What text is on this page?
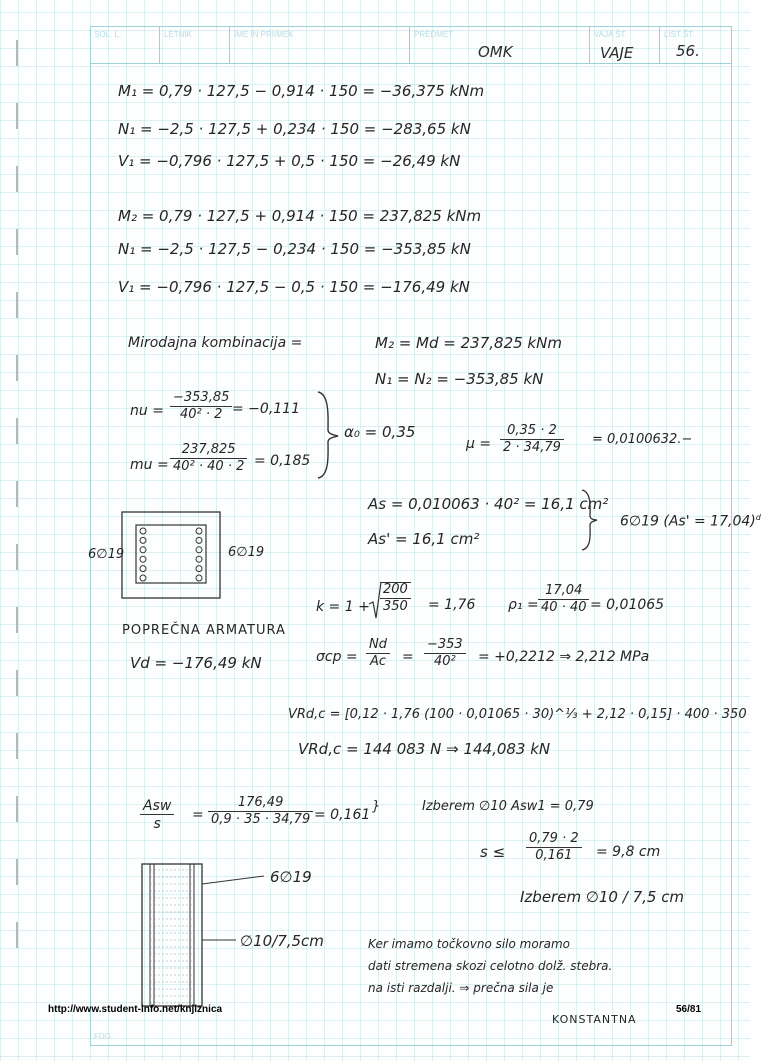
SOL. L.	LETNIK	IME IN PRIIMEK	PREDMET
OMK
VAJA ŠT.
VAJE
LIST ŠT.
56.
M₁ = 0,79 · 127,5 − 0,914 · 150 = −36,375 kNm
N₁ = −2,5 · 127,5 + 0,234 · 150 = −283,65 kN
V₁ = −0,796 · 127,5 + 0,5 · 150 = −26,49 kN
M₂ = 0,79 · 127,5 + 0,914 · 150 = 237,825 kNm
N₁ = −2,5 · 127,5 − 0,234 · 150 = −353,85 kN
V₁ = −0,796 · 127,5 − 0,5 · 150 = −176,49 kN
Mirodajna kombinacija =	M₂ = Md = 237,825 kNm
N₁ = N₂ = −353,85 kN
nu = $\frac{-353,85}{\text{40² · 2}} = -0,111$
mu = $\frac{237,825}{\text{40² · 40 · 2}} = 0,185$
α₀ = 0,35
$\mu = \frac{0,35 \cdot 2}{2 \cdot 34,79} = 0,0100632.-$
As = 0,010063 · 40² = 16,1 cm²
As' = 16,1 cm²
6∅19 (As' = 17,04)$^d$
6∅19	6∅19
$k = 1 + \frac{200}{350} = 1,76$ $\rho_1 = \frac{17,04}{40 \cdot 40} = 0,01065$
POPREČNA ARMATURA
Vd = −176,49 kN	$\sigma cp = \frac{Nd}{Ac} = \frac{-353}{\text{40²}} = +0,2212$ ⇒ 2,212 MPa
VRd,c = [0,12 · 1,76 (100 · 0,01065 · 30)^⅓ + 2,12 · 0,15] · 400 · 350
VRd,c = 144 083 N ⇒ 144,083 kN
Asw
s
= $\frac{176,49}{0,9 \cdot 35 \cdot 34,79} = 0,161$
}	Izberem ∅10 Asw1 = 0,79
$s \le \frac{0,79 \cdot 2}{0,161} = 9,8$ cm
Izberem ∅10 / 7,5 cm
6∅19
∅10/7,5cm	Ker imamo točkovno silo moramo
dati stremena skozi celotno dolž. stebra.
na isti razdalji. ⇒ prečna sila je
KONSTANTNA
http://www.student-info.net/knjiznica	56/81
FDG
